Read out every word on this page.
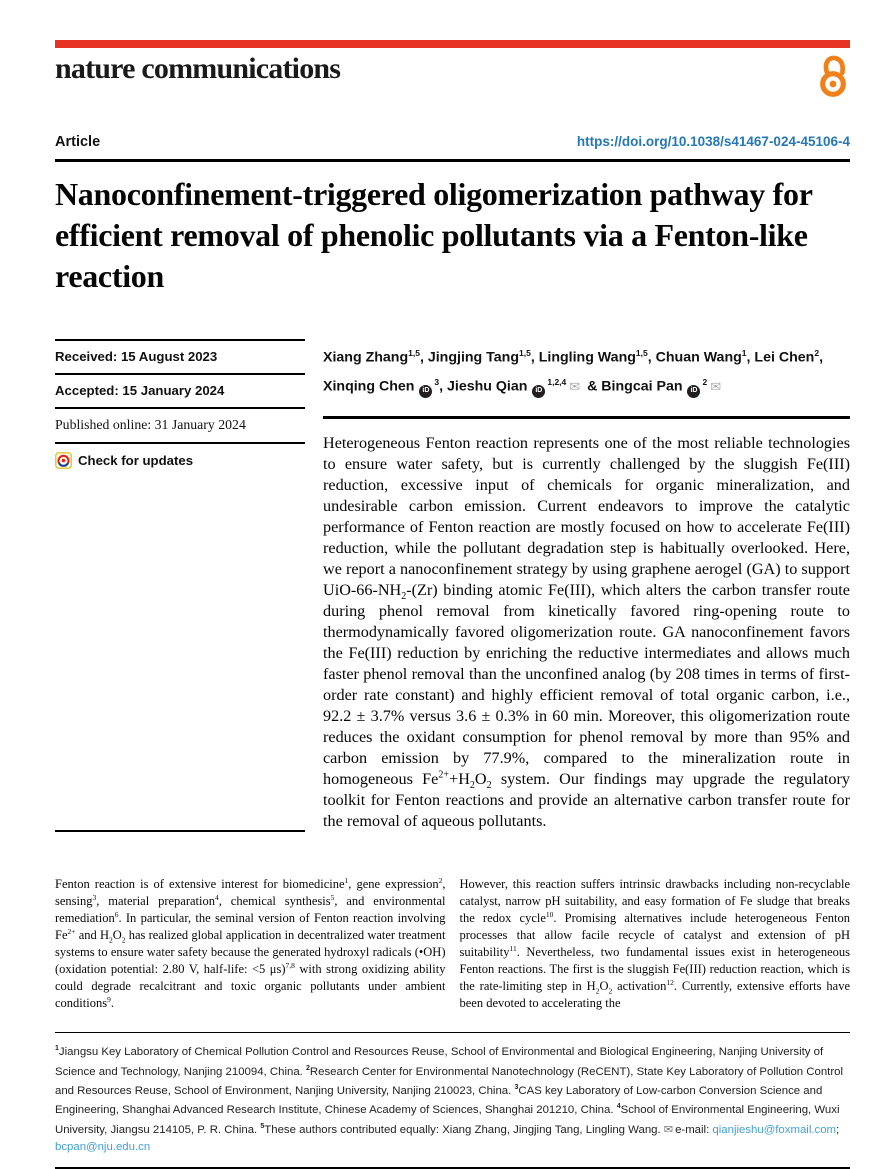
nature communications
Article	https://doi.org/10.1038/s41467-024-45106-4
Nanoconfinement-triggered oligomerization pathway for efficient removal of phenolic pollutants via a Fenton-like reaction
Received: 15 August 2023
Accepted: 15 January 2024
Published online: 31 January 2024
Check for updates
Xiang Zhang$^{1,5}$, Jingjing Tang$^{1,5}$, Lingling Wang$^{1,5}$, Chuan Wang$^1$, Lei Chen$^2$, Xinqing Chen $iD^3$, Jieshu Qian iD$^{1,2,4}$ ✉ & Bingcai Pan $iD^2$ ✉
Heterogeneous Fenton reaction represents one of the most reliable technologies to ensure water safety, but is currently challenged by the sluggish Fe(III) reduction, excessive input of chemicals for organic mineralization, and undesirable carbon emission. Current endeavors to improve the catalytic performance of Fenton reaction are mostly focused on how to accelerate Fe(III) reduction, while the pollutant degradation step is habitually overlooked. Here, we report a nanoconfinement strategy by using graphene aerogel (GA) to support UiO-$66-NH_2-(Zr)$ binding atomic Fe(III), which alters the carbon transfer route during phenol removal from kinetically favored ring-opening route to thermodynamically favored oligomerization route. GA nanoconfinement favors the Fe(III) reduction by enriching the reductive intermediates and allows much faster phenol removal than the unconfined analog (by 208 times in terms of first-order rate constant) and highly efficient removal of total organic carbon, i.e., 92.2 ± 3.7% versus 3.6 ± 0.3% in 60 min. Moreover, this oligomerization route reduces the oxidant consumption for phenol removal by more than 95% and carbon emission by 77.9%, compared to the mineralization route in homogeneous $Fe^{2+}+H_2O_2$ system. Our findings may upgrade the regulatory toolkit for Fenton reactions and provide an alternative carbon transfer route for the removal of aqueous pollutants.
Fenton reaction is of extensive interest for biomedicine$^1$, gene expression$^2$, sensing$^3$, material preparation$^4$, chemical synthesis$^5$, and environmental remediation$^6$. In particular, the seminal version of Fenton reaction involving $Fe^{2+}$ and $H_2O_2$ has realized global application in decentralized water treatment systems to ensure water safety because the generated hydroxyl radicals (•OH) (oxidation potential: 2.80 V, half-life: <5 μs)$^{7,8}$ with strong oxidizing ability could degrade recalcitrant and toxic organic pollutants under ambient conditions$^9$.
However, this reaction suffers intrinsic drawbacks including non-recyclable catalyst, narrow pH suitability, and easy formation of Fe sludge that breaks the redox cycle$^{10}$. Promising alternatives include heterogeneous Fenton processes that allow facile recycle of catalyst and extension of pH suitability$^{11}$. Nevertheless, two fundamental issues exist in heterogeneous Fenton reactions. The first is the sluggish Fe(III) reduction reaction, which is the rate-limiting step in $H_2O_2$ activation$^{12}$. Currently, extensive efforts have been devoted to accelerating the
$^1$Jiangsu Key Laboratory of Chemical Pollution Control and Resources Reuse, School of Environmental and Biological Engineering, Nanjing University of Science and Technology, Nanjing 210094, China. $^2$Research Center for Environmental Nanotechnology (ReCENT), State Key Laboratory of Pollution Control and Resources Reuse, School of Environment, Nanjing University, Nanjing 210023, China. $^3$CAS key Laboratory of Low-carbon Conversion Science and Engineering, Shanghai Advanced Research Institute, Chinese Academy of Sciences, Shanghai 201210, China. $^4$School of Environmental Engineering, Wuxi University, Jiangsu 214105, P. R. China. $^5$These authors contributed equally: Xiang Zhang, Jingjing Tang, Lingling Wang. ✉ e-mail: qianjieshu@foxmail.com; bcpan@nju.edu.cn
